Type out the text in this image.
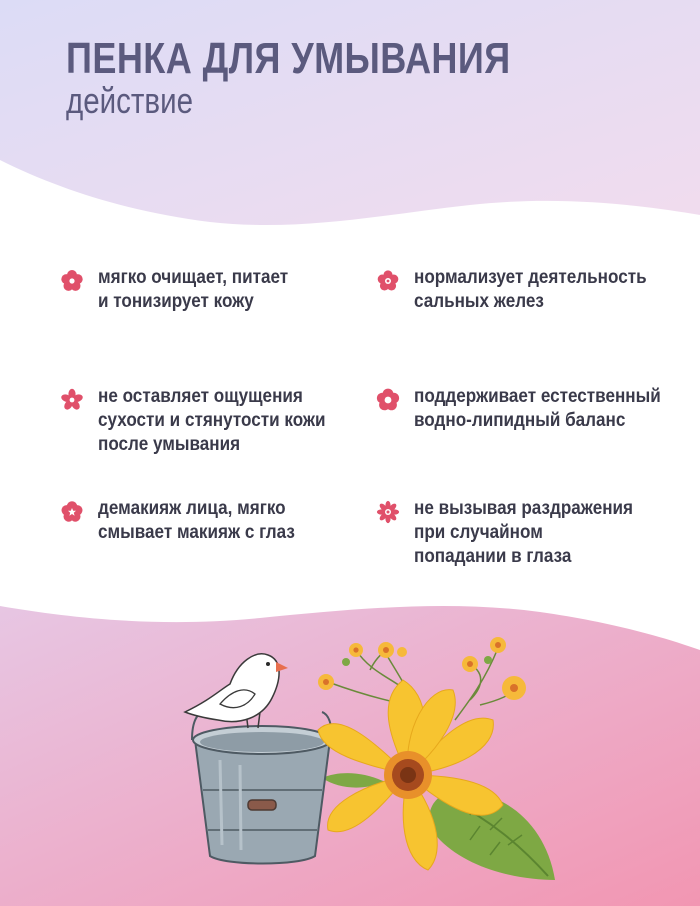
ПЕНКА ДЛЯ УМЫВАНИЯ
действие
мягко очищает, питает
и тонизирует кожу
нормализует деятельность
сальных желез
не оставляет ощущения
сухости и стянутости кожи
после умывания
поддерживает естественный
водно-липидный баланс
демакияж лица, мягко
смывает макияж с глаз
не вызывая раздражения
при случайном
попадании в глаза
